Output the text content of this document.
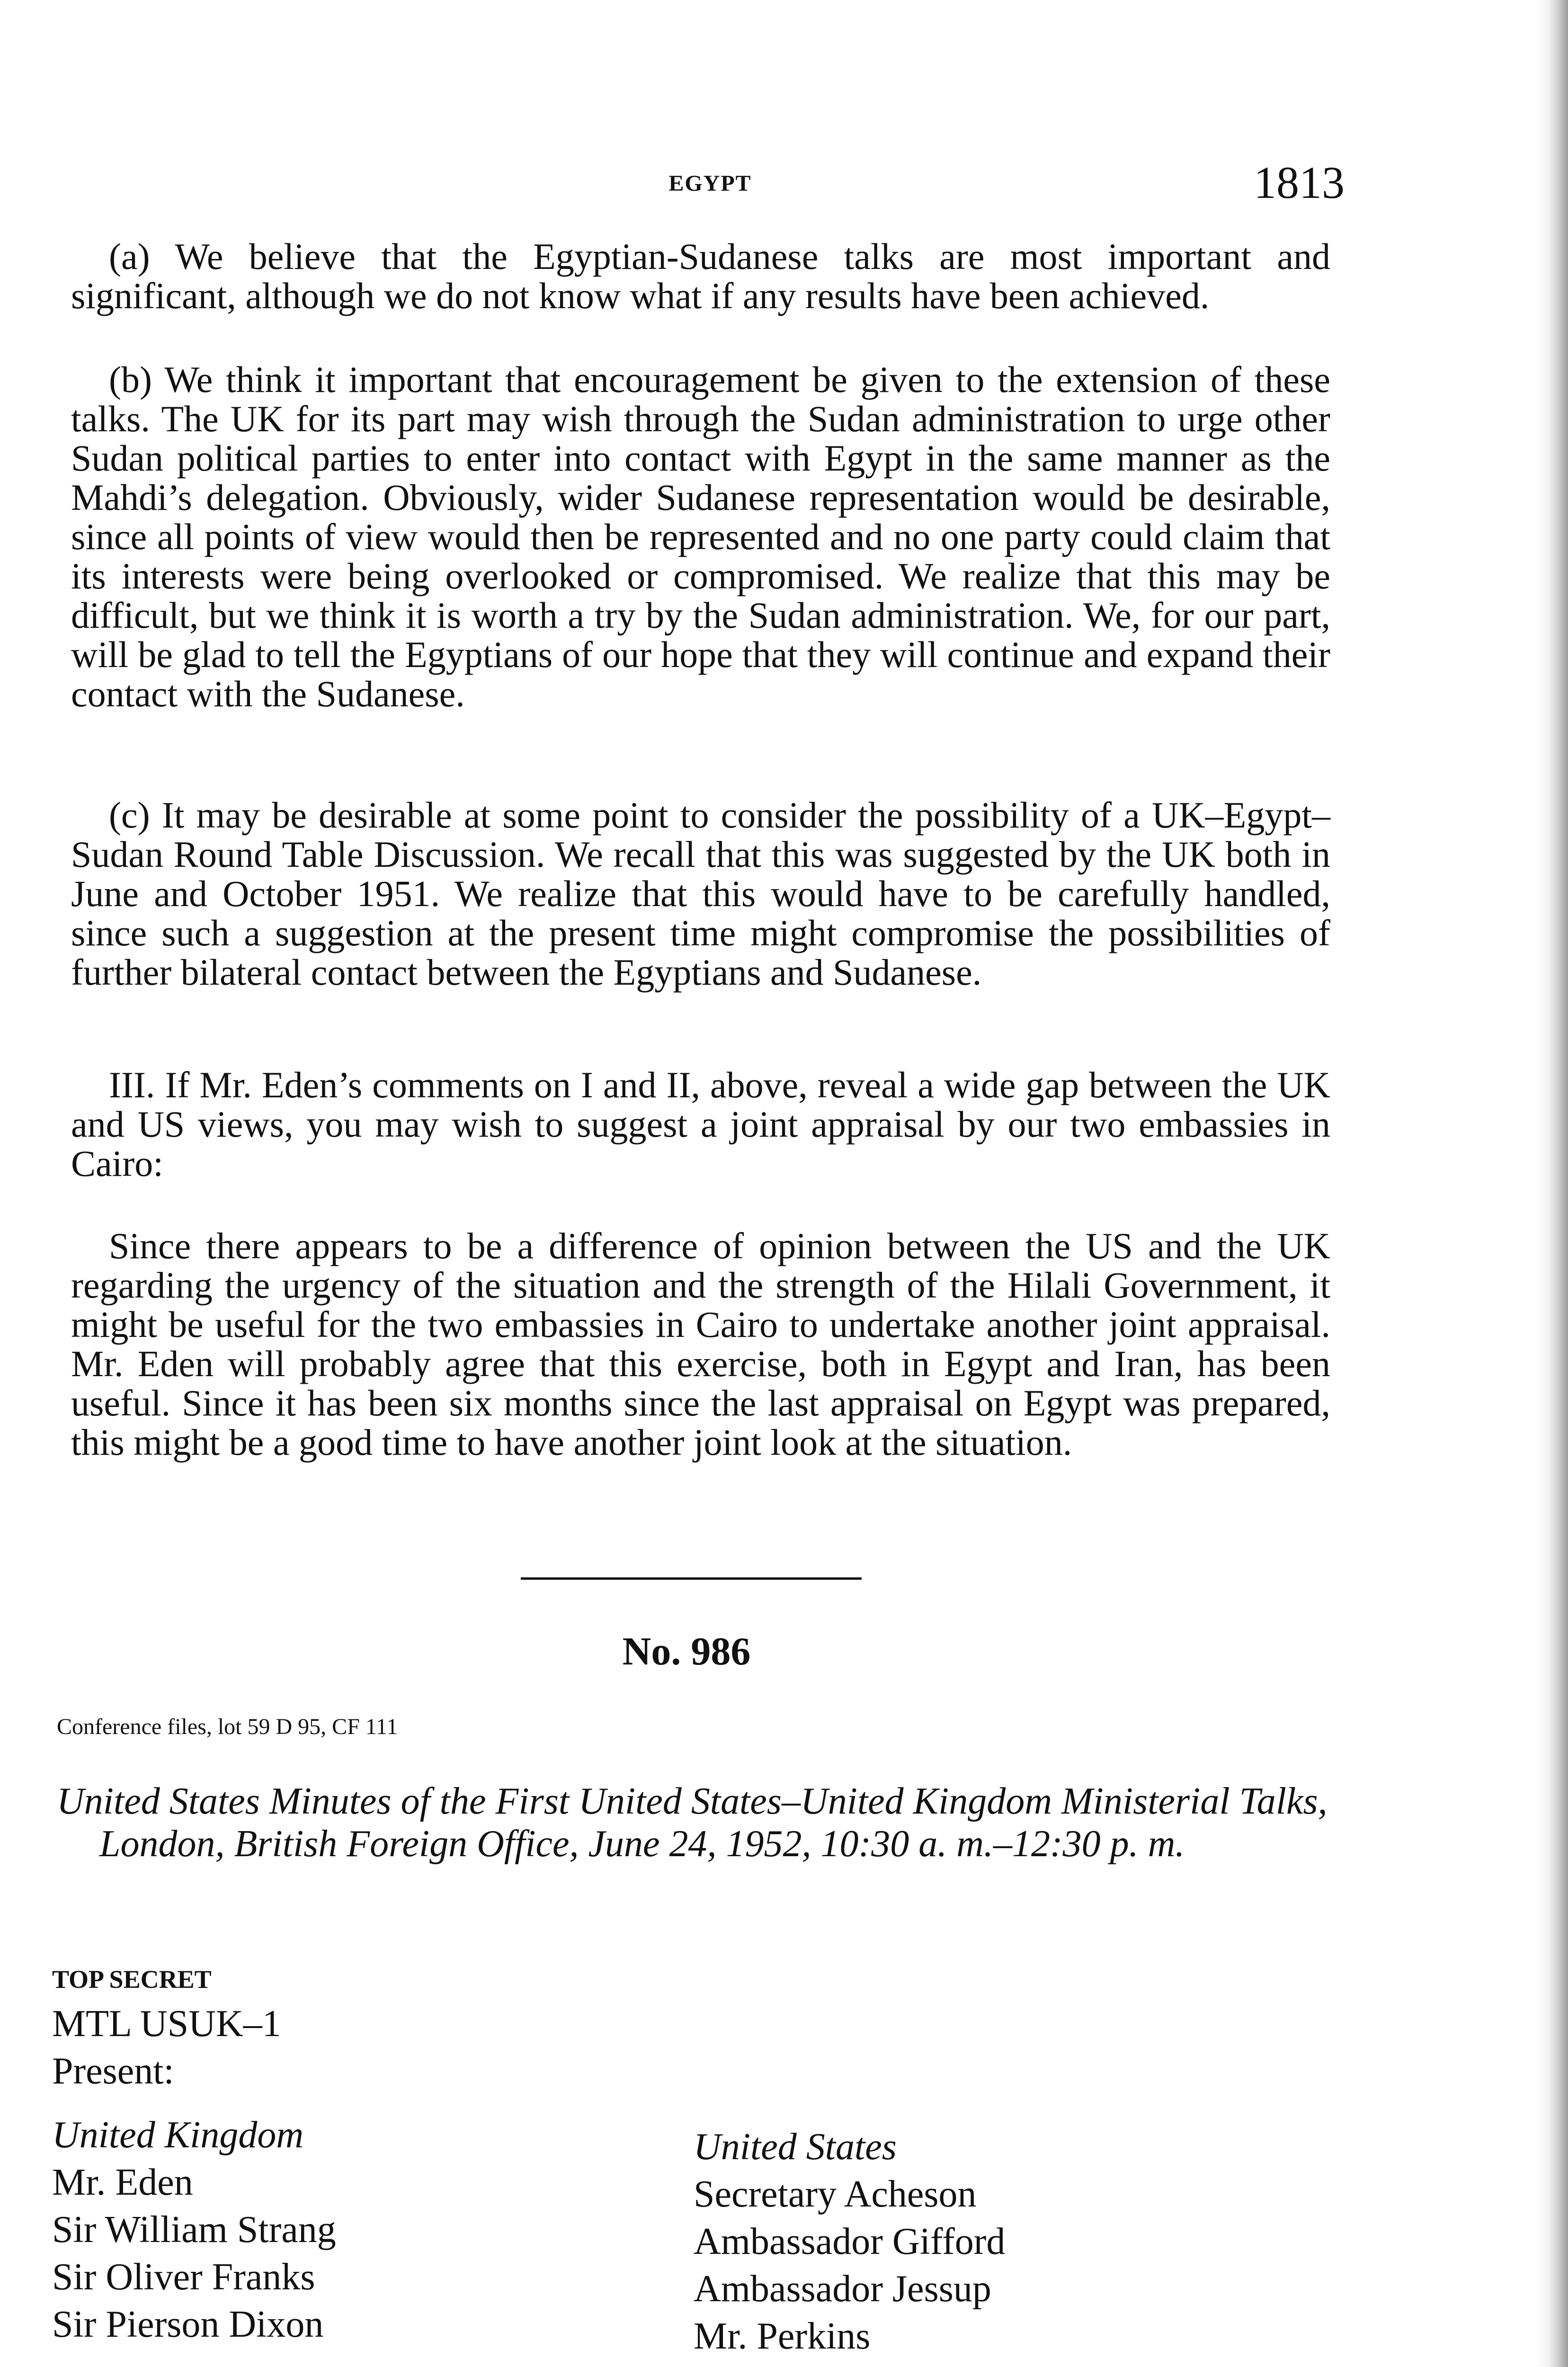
EGYPT	1813

(a) We believe that the Egyptian-Sudanese talks are most important and significant, although we do not know what if any results have been achieved.

(b) We think it important that encouragement be given to the extension of these talks. The UK for its part may wish through the Sudan administration to urge other Sudan political parties to enter into contact with Egypt in the same manner as the Mahdi’s delegation. Obviously, wider Sudanese representation would be desirable, since all points of view would then be represented and no one party could claim that its interests were being overlooked or compromised. We realize that this may be difficult, but we think it is worth a try by the Sudan administration. We, for our part, will be glad to tell the Egyptians of our hope that they will continue and expand their contact with the Sudanese.

(c) It may be desirable at some point to consider the possibility of a UK–Egypt–Sudan Round Table Discussion. We recall that this was suggested by the UK both in June and October 1951. We realize that this would have to be carefully handled, since such a suggestion at the present time might compromise the possibilities of further bilateral contact between the Egyptians and Sudanese.

III. If Mr. Eden’s comments on I and II, above, reveal a wide gap between the UK and US views, you may wish to suggest a joint appraisal by our two embassies in Cairo:

Since there appears to be a difference of opinion between the US and the UK regarding the urgency of the situation and the strength of the Hilali Government, it might be useful for the two embassies in Cairo to undertake another joint appraisal. Mr. Eden will probably agree that this exercise, both in Egypt and Iran, has been useful. Since it has been six months since the last appraisal on Egypt was prepared, this might be a good time to have another joint look at the situation.

No. 986
Conference files, lot 59 D 95, CF 111
United States Minutes of the First United States–United Kingdom Ministerial Talks, London, British Foreign Office, June 24, 1952, 10:30 a. m.–12:30 p. m.
TOP SECRET
MTL USUK–1
Present:
United Kingdom
Mr. Eden
Sir William Strang
Sir Oliver Franks
Sir Pierson Dixon
United States
Secretary Acheson
Ambassador Gifford
Ambassador Jessup
Mr. Perkins
